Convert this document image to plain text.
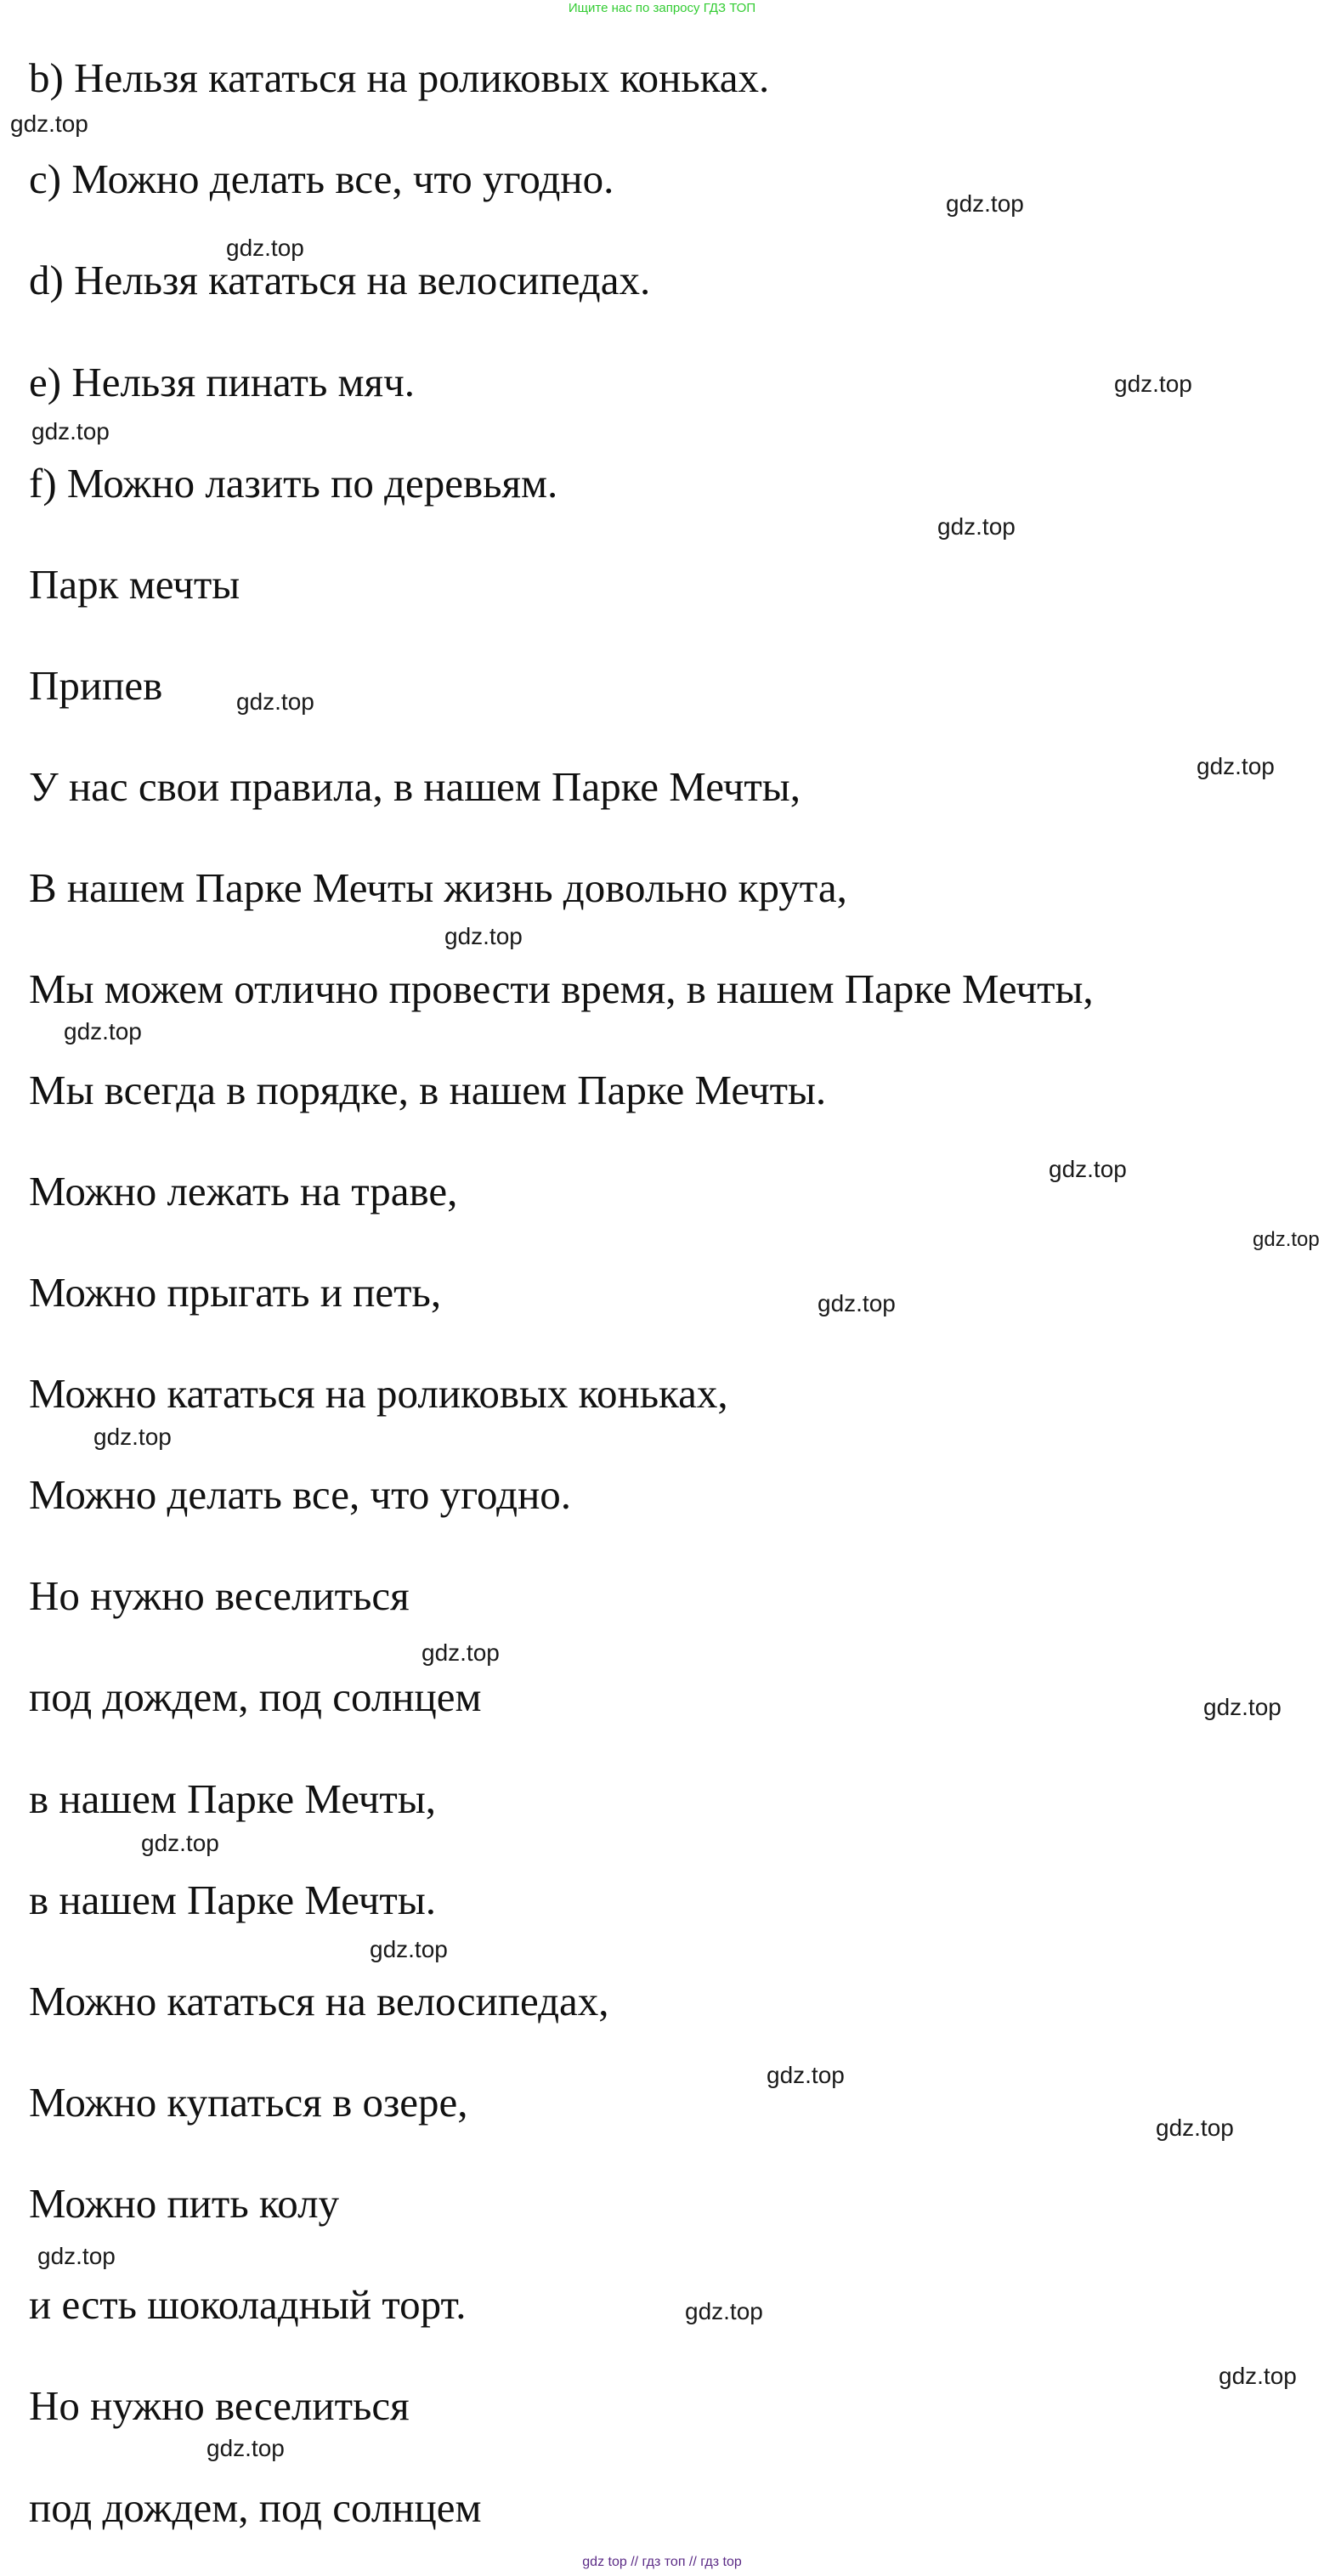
Ищите нас по запросу ГДЗ ТОП
b) Нельзя кататься на роликовых коньках.
c) Можно делать все, что угодно.
d) Нельзя кататься на велосипедах.
e) Нельзя пинать мяч.
f) Можно лазить по деревьям.
Парк мечты
Припев
У нас свои правила, в нашем Парке Мечты,
В нашем Парке Мечты жизнь довольно крута,
Мы можем отлично провести время, в нашем Парке Мечты,
Мы всегда в порядке, в нашем Парке Мечты.
Можно лежать на траве,
Можно прыгать и петь,
Можно кататься на роликовых коньках,
Можно делать все, что угодно.
Но нужно веселиться
под дождем, под солнцем
в нашем Парке Мечты,
в нашем Парке Мечты.
Можно кататься на велосипедах,
Можно купаться в озере,
Можно пить колу
и есть шоколадный торт.
Но нужно веселиться
под дождем, под солнцем
gdz.top
gdz.top
gdz.top
gdz.top
gdz.top
gdz.top
gdz.top
gdz.top
gdz.top
gdz.top
gdz.top
gdz.top
gdz.top
gdz.top
gdz.top
gdz.top
gdz.top
gdz.top
gdz.top
gdz.top
gdz.top
gdz.top
gdz.top
gdz.top
gdz top // гдз топ // гдз top
